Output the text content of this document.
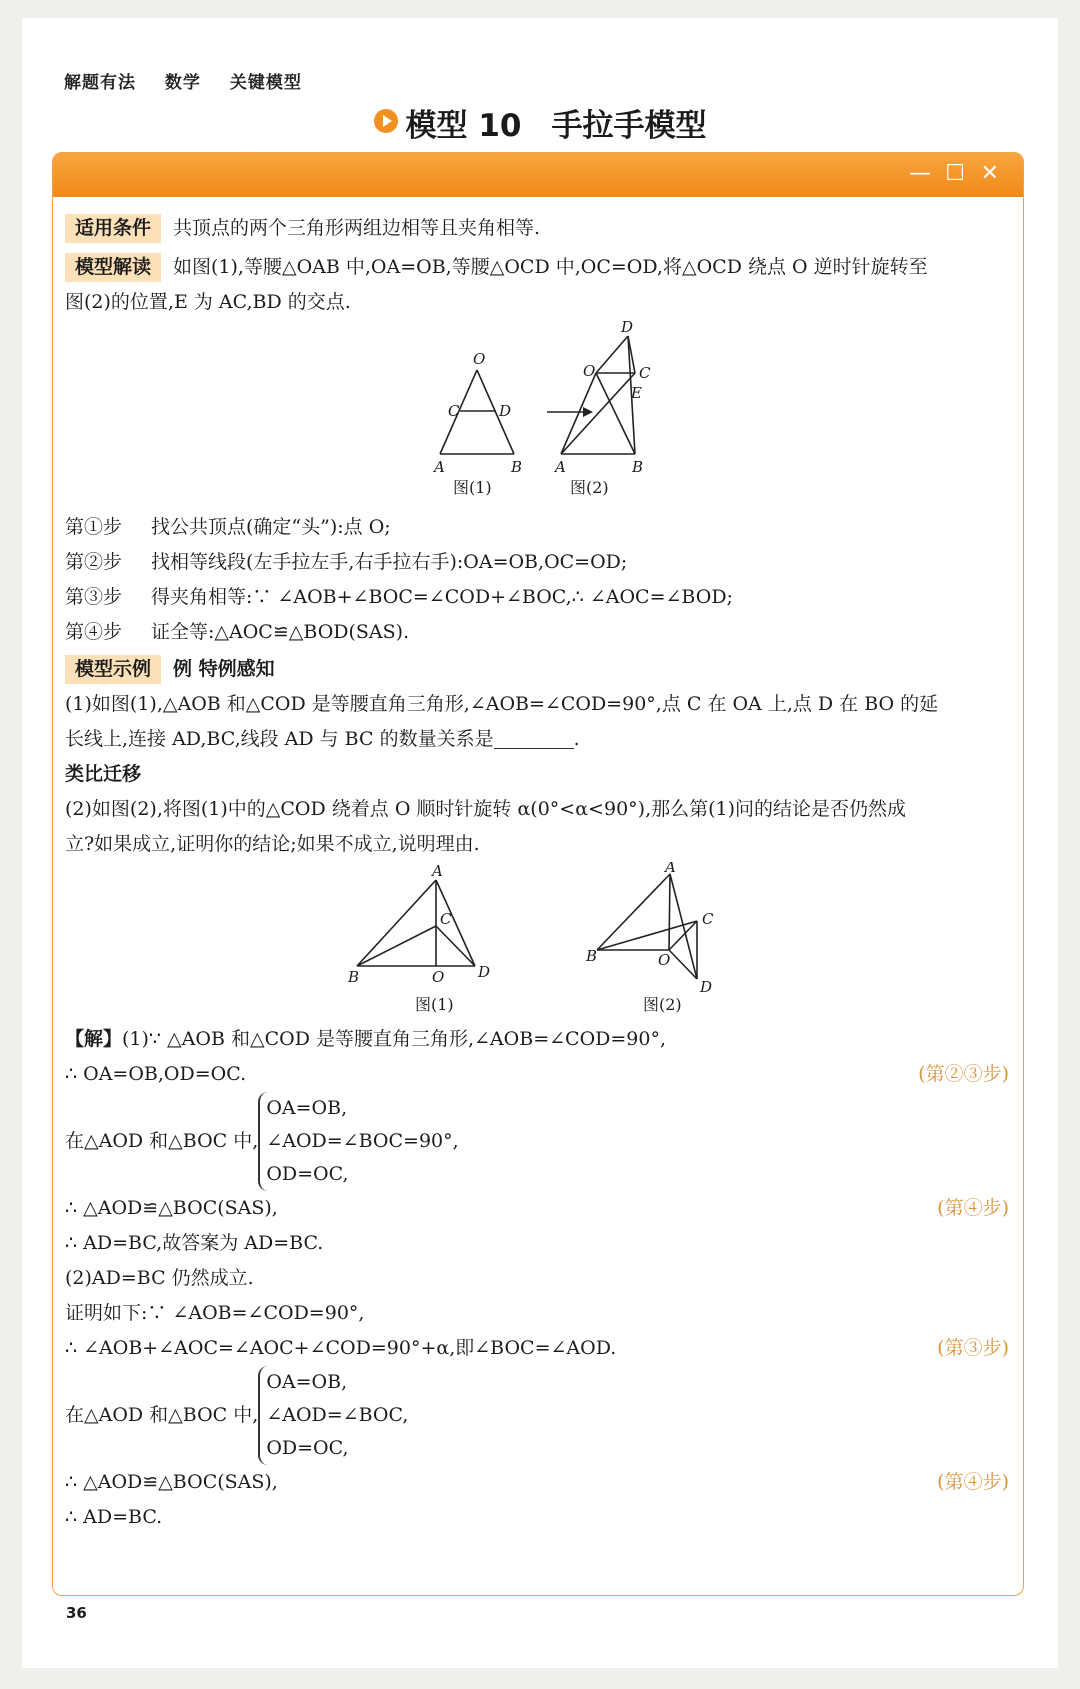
解题有法 数学 关键模型
模型 10 手拉手模型
— ☐ ✕
适用条件 共顶点的两个三角形两组边相等且夹角相等.
模型解读 如图(1),等腰△OAB 中,OA=OB,等腰△OCD 中,OC=OD,将△OCD 绕点 O 逆时针旋转至
图(2)的位置,E 为 AC,BD 的交点.
O
C	D
A	B
D
O	C
E
A	B
图(1)	图(2)
第①步 找公共顶点(确定“头”):点 O;
第②步 找相等线段(左手拉左手,右手拉右手):OA=OB,OC=OD;
第③步 得夹角相等:∵ ∠AOB+∠BOC=∠COD+∠BOC,∴ ∠AOC=∠BOD;
第④步 证全等:△AOC≌△BOD(SAS).
模型示例 例 特例感知
(1)如图(1),△AOB 和△COD 是等腰直角三角形,∠AOB=∠COD=90°,点 C 在 OA 上,点 D 在 BO 的延
长线上,连接 AD,BC,线段 AD 与 BC 的数量关系是	.
类比迁移
(2)如图(2),将图(1)中的△COD 绕着点 O 顺时针旋转 α(0°<α<90°),那么第(1)问的结论是否仍然成
立?如果成立,证明你的结论;如果不成立,说明理由.
A
C
B	O D
A
C
B	O
D
图(1)	图(2)
【解】(1)∵ △AOB 和△COD 是等腰直角三角形,∠AOB=∠COD=90°,
∴ OA=OB,OD=OC.	(第②③步)
在△AOD 和△BOC 中,
OA=OB,
∠AOD=∠BOC=90°,
OD=OC,
∴ △AOD≌△BOC(SAS),	(第④步)
∴ AD=BC,故答案为 AD=BC.
(2)AD=BC 仍然成立.
证明如下:∵ ∠AOB=∠COD=90°,
∴ ∠AOB+∠AOC=∠AOC+∠COD=90°+α,即∠BOC=∠AOD.	(第③步)
在△AOD 和△BOC 中,
OA=OB,
∠AOD=∠BOC,
OD=OC,
∴ △AOD≌△BOC(SAS),	(第④步)
∴ AD=BC.
36
